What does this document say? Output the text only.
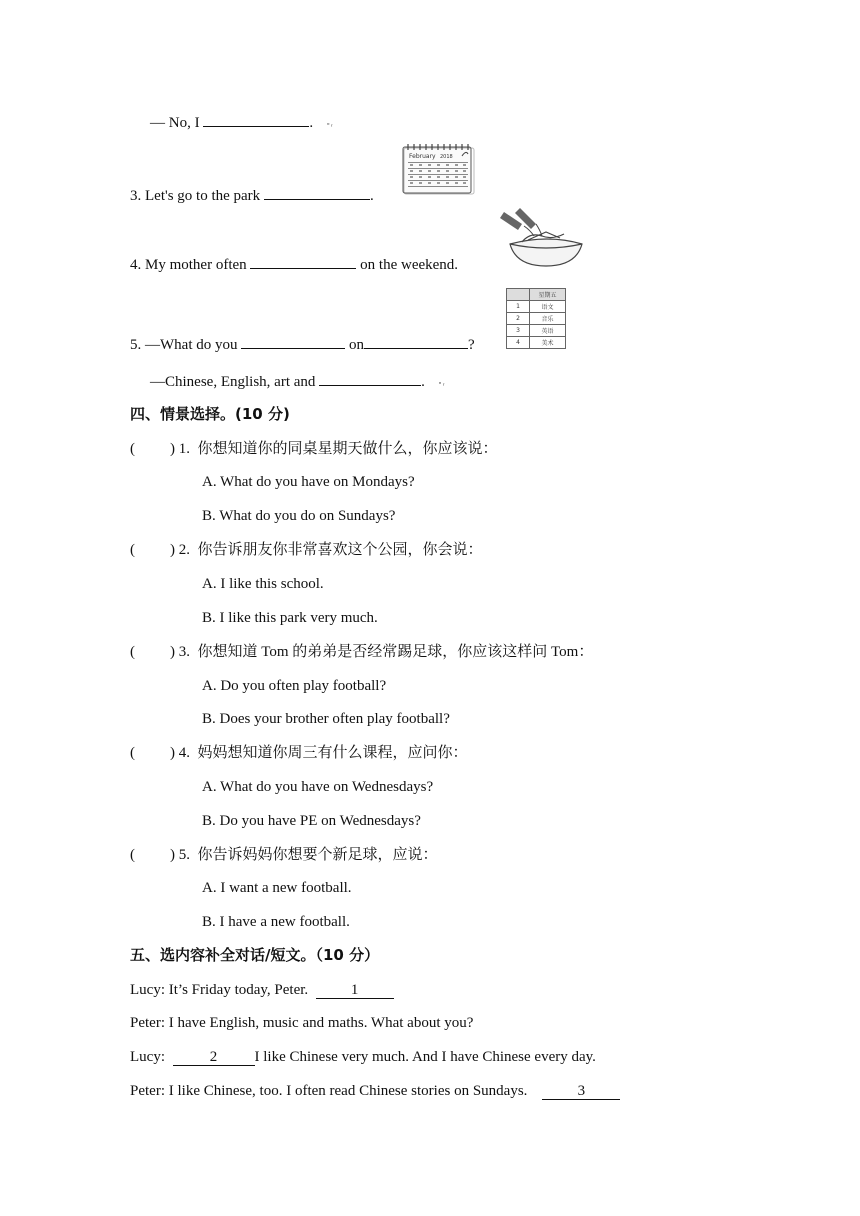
— No, I	. ▫ ᵣ
February 2018
3. Let's go to the park	.
4. My mother often	on the weekend.
	星期五
1	语文
2	音乐
3	英语
4	美术
5. —What do you	on	?
—Chinese, English, art and	. ▫ ᵣ
四、情景选择。(10 分)
( ) 1. 你想知道你的同桌星期天做什么，你应该说：
A. What do you have on Mondays?
B. What do you do on Sundays?
( ) 2. 你告诉朋友你非常喜欢这个公园，你会说：
A. I like this school.
B. I like this park very much.
( ) 3. 你想知道 Tom 的弟弟是否经常踢足球，你应该这样问 Tom：
A. Do you often play football?
B. Does your brother often play football?
( ) 4. 妈妈想知道你周三有什么课程，应问你：
A. What do you have on Wednesdays?
B. Do you have PE on Wednesdays?
( ) 5. 你告诉妈妈你想要个新足球，应说：
A. I want a new football.
B. I have a new football.
五、选内容补全对话/短文。（10 分）
Lucy: It’s Friday today, Peter.	1
Peter: I have English, music and maths. What about you?
Lucy:	2 I like Chinese very much. And I have Chinese every day.
Peter: I like Chinese, too. I often read Chinese stories on Sundays.	3
